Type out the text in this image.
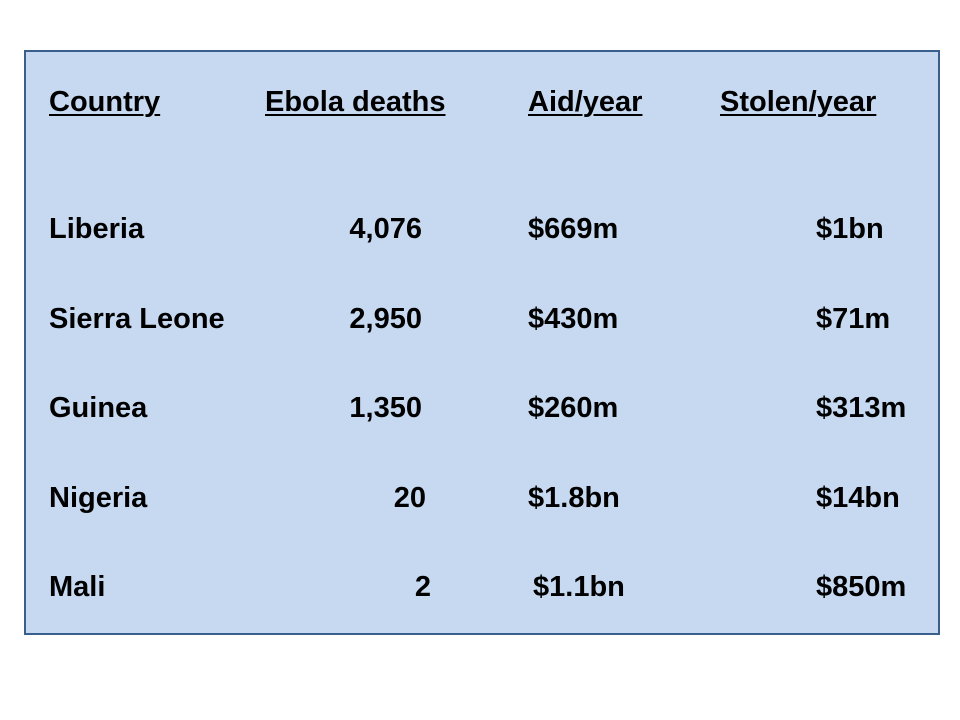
Country	Ebola deaths	Aid/year	Stolen/year
Liberia	4,076	$669m	$1bn
Sierra Leone	2,950	$430m	$71m
Guinea	1,350	$260m	$313m
Nigeria	20	$1.8bn	$14bn
Mali	2	$1.1bn	$850m
